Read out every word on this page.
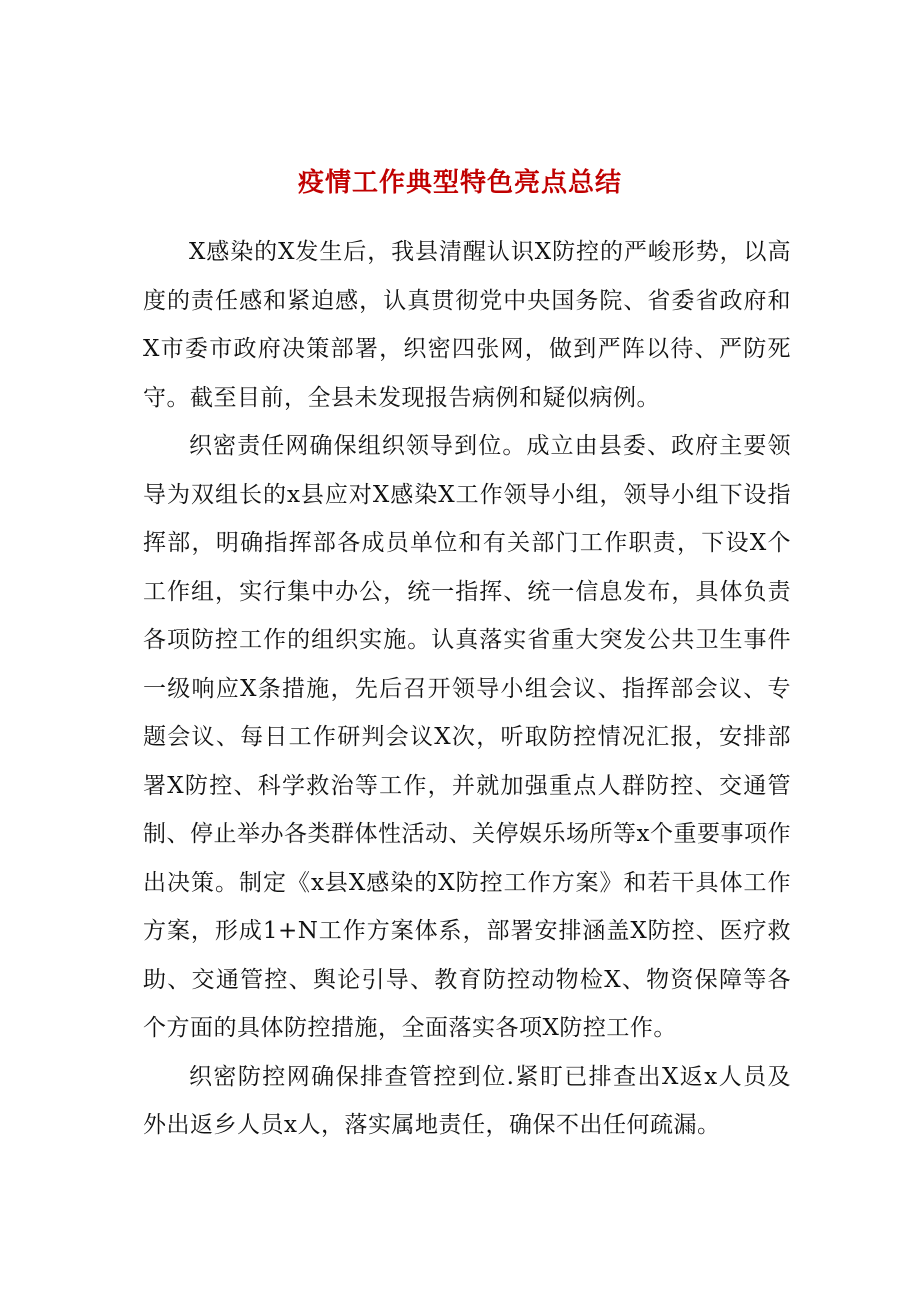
疫情工作典型特色亮点总结

X感染的X发生后，我县清醒认识X防控的严峻形势，以高度的责任感和紧迫感，认真贯彻党中央国务院、省委省政府和X市委市政府决策部署，织密四张网，做到严阵以待、严防死守。截至目前，全县未发现报告病例和疑似病例。

织密责任网确保组织领导到位。成立由县委、政府主要领导为双组长的x县应对X感染X工作领导小组，领导小组下设指挥部，明确指挥部各成员单位和有关部门工作职责，下设X个工作组，实行集中办公，统一指挥、统一信息发布，具体负责各项防控工作的组织实施。认真落实省重大突发公共卫生事件一级响应X条措施，先后召开领导小组会议、指挥部会议、专题会议、每日工作研判会议X次，听取防控情况汇报，安排部署X防控、科学救治等工作，并就加强重点人群防控、交通管制、停止举办各类群体性活动、关停娱乐场所等x个重要事项作出决策。制定《x县X感染的X防控工作方案》和若干具体工作方案，形成1+N工作方案体系，部署安排涵盖X防控、医疗救助、交通管控、舆论引导、教育防控动物检X、物资保障等各个方面的具体防控措施，全面落实各项X防控工作。

织密防控网确保排查管控到位.紧盯已排查出X返x人员及外出返乡人员x人，落实属地责任，确保不出任何疏漏。
